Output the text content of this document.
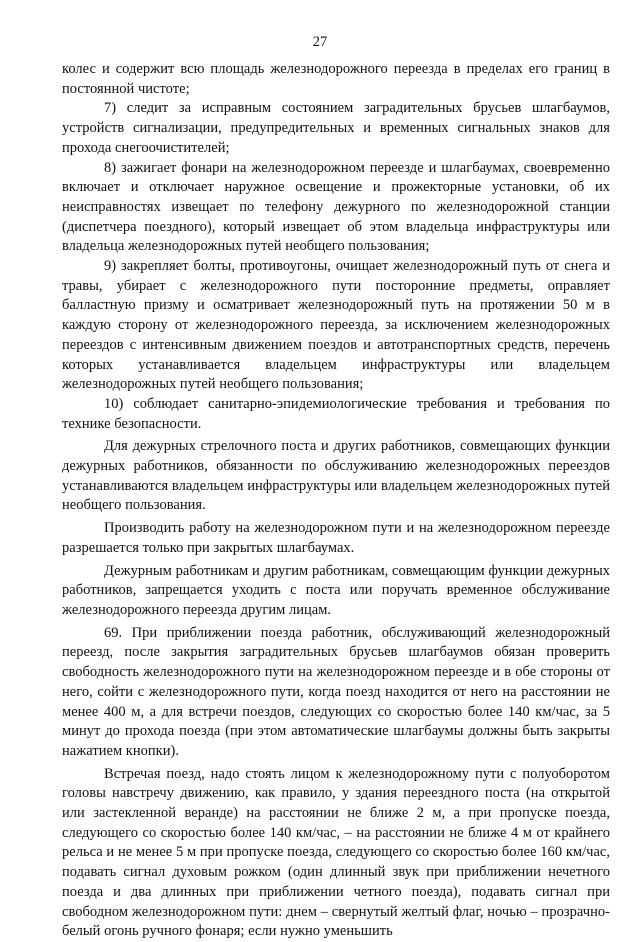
27

колес и содержит всю площадь железнодорожного переезда в пределах его границ в постоянной чистоте;

7) следит за исправным состоянием заградительных брусьев шлагбаумов, устройств сигнализации, предупредительных и временных сигнальных знаков для прохода снегоочистителей;

8) зажигает фонари на железнодорожном переезде и шлагбаумах, своевременно включает и отключает наружное освещение и прожекторные установки, об их неисправностях извещает по телефону дежурного по железнодорожной станции (диспетчера поездного), который извещает об этом владельца инфраструктуры или владельца железнодорожных путей необщего пользования;

9) закрепляет болты, противоугоны, очищает железнодорожный путь от снега и травы, убирает с железнодорожного пути посторонние предметы, оправляет балластную призму и осматривает железнодорожный путь на протяжении 50 м в каждую сторону от железнодорожного переезда, за исключением железнодорожных переездов с интенсивным движением поездов и автотранспортных средств, перечень которых устанавливается владельцем инфраструктуры или владельцем железнодорожных путей необщего пользования;

10) соблюдает санитарно-эпидемиологические требования и требования по технике безопасности.

Для дежурных стрелочного поста и других работников, совмещающих функции дежурных работников, обязанности по обслуживанию железнодорожных переездов устанавливаются владельцем инфраструктуры или владельцем железнодорожных путей необщего пользования.

Производить работу на железнодорожном пути и на железнодорожном переезде разрешается только при закрытых шлагбаумах.

Дежурным работникам и другим работникам, совмещающим функции дежурных работников, запрещается уходить с поста или поручать временное обслуживание железнодорожного переезда другим лицам.

69. При приближении поезда работник, обслуживающий железнодорожный переезд, после закрытия заградительных брусьев шлагбаумов обязан проверить свободность железнодорожного пути на железнодорожном переезде и в обе стороны от него, сойти с железнодорожного пути, когда поезд находится от него на расстоянии не менее 400 м, а для встречи поездов, следующих со скоростью более 140 км/час, за 5 минут до прохода поезда (при этом автоматические шлагбаумы должны быть закрыты нажатием кнопки).

Встречая поезд, надо стоять лицом к железнодорожному пути с полуоборотом головы навстречу движению, как правило, у здания переездного поста (на открытой или застекленной веранде) на расстоянии не ближе 2 м, а при пропуске поезда, следующего со скоростью более 140 км/час, – на расстоянии не ближе 4 м от крайнего рельса и не менее 5 м при пропуске поезда, следующего со скоростью более 160 км/час, подавать сигнал духовым рожком (один длинный звук при приближении нечетного поезда и два длинных при приближении четного поезда), подавать сигнал при свободном железнодорожном пути: днем – свернутый желтый флаг, ночью – прозрачно-белый огонь ручного фонаря; если нужно уменьшить
